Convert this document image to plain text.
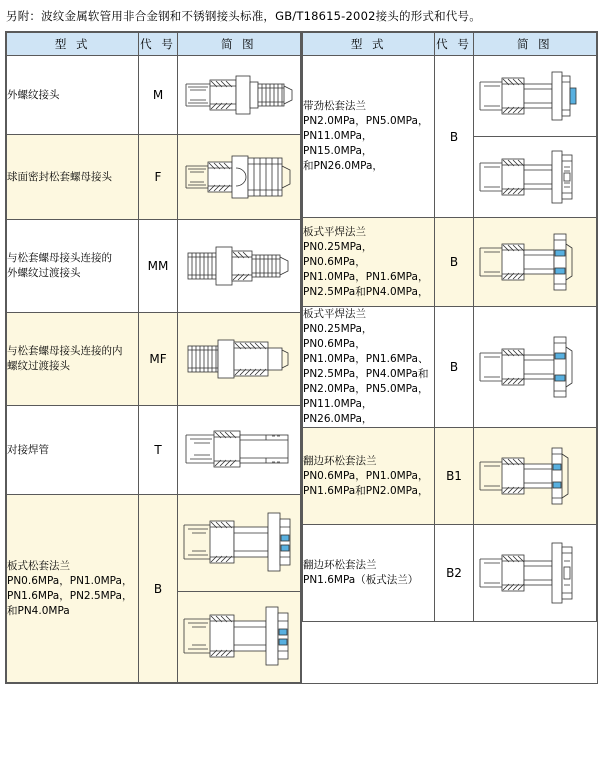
另附：波纹金属软管用非合金钢和不锈钢接头标准，GB/T18615-2002接头的形式和代号。
型 式	代 号	简 图

外螺纹接头	M	

球面密封松套螺母接头	F	

与松套螺母接头连接的
外螺纹过渡接头	MM	

与松套螺母接头连接的内
螺纹过渡接头	MF	

对接焊管	T	

板式松套法兰
PN0.6MPa，PN1.0MPa，
PN1.6MPa，PN2.5MPa，
和PN4.0MPa
	B	

型 式	代 号	简 图

带劲松套法兰
PN2.0MPa，PN5.0MPa，
PN11.0MPa，PN15.0MPa，
和PN26.0MPa，
	B	

板式平焊法兰
PN0.25MPa，PN0.6MPa，
PN1.0MPa，PN1.6MPa，
PN2.5MPa和PN4.0MPa，
	B	

板式平焊法兰
PN0.25MPa，PN0.6MPa，
PN1.0MPa，PN1.6MPa、
PN2.5MPa，PN4.0MPa和
PN2.0MPa，PN5.0MPa，
PN11.0MPa，PN26.0MPa，
	B	

翻边环松套法兰
PN0.6MPa，PN1.0MPa，
PN1.6MPa和PN2.0MPa，
	B1	

翻边环松套法兰
PN1.6MPa（板式法兰）	B2	
